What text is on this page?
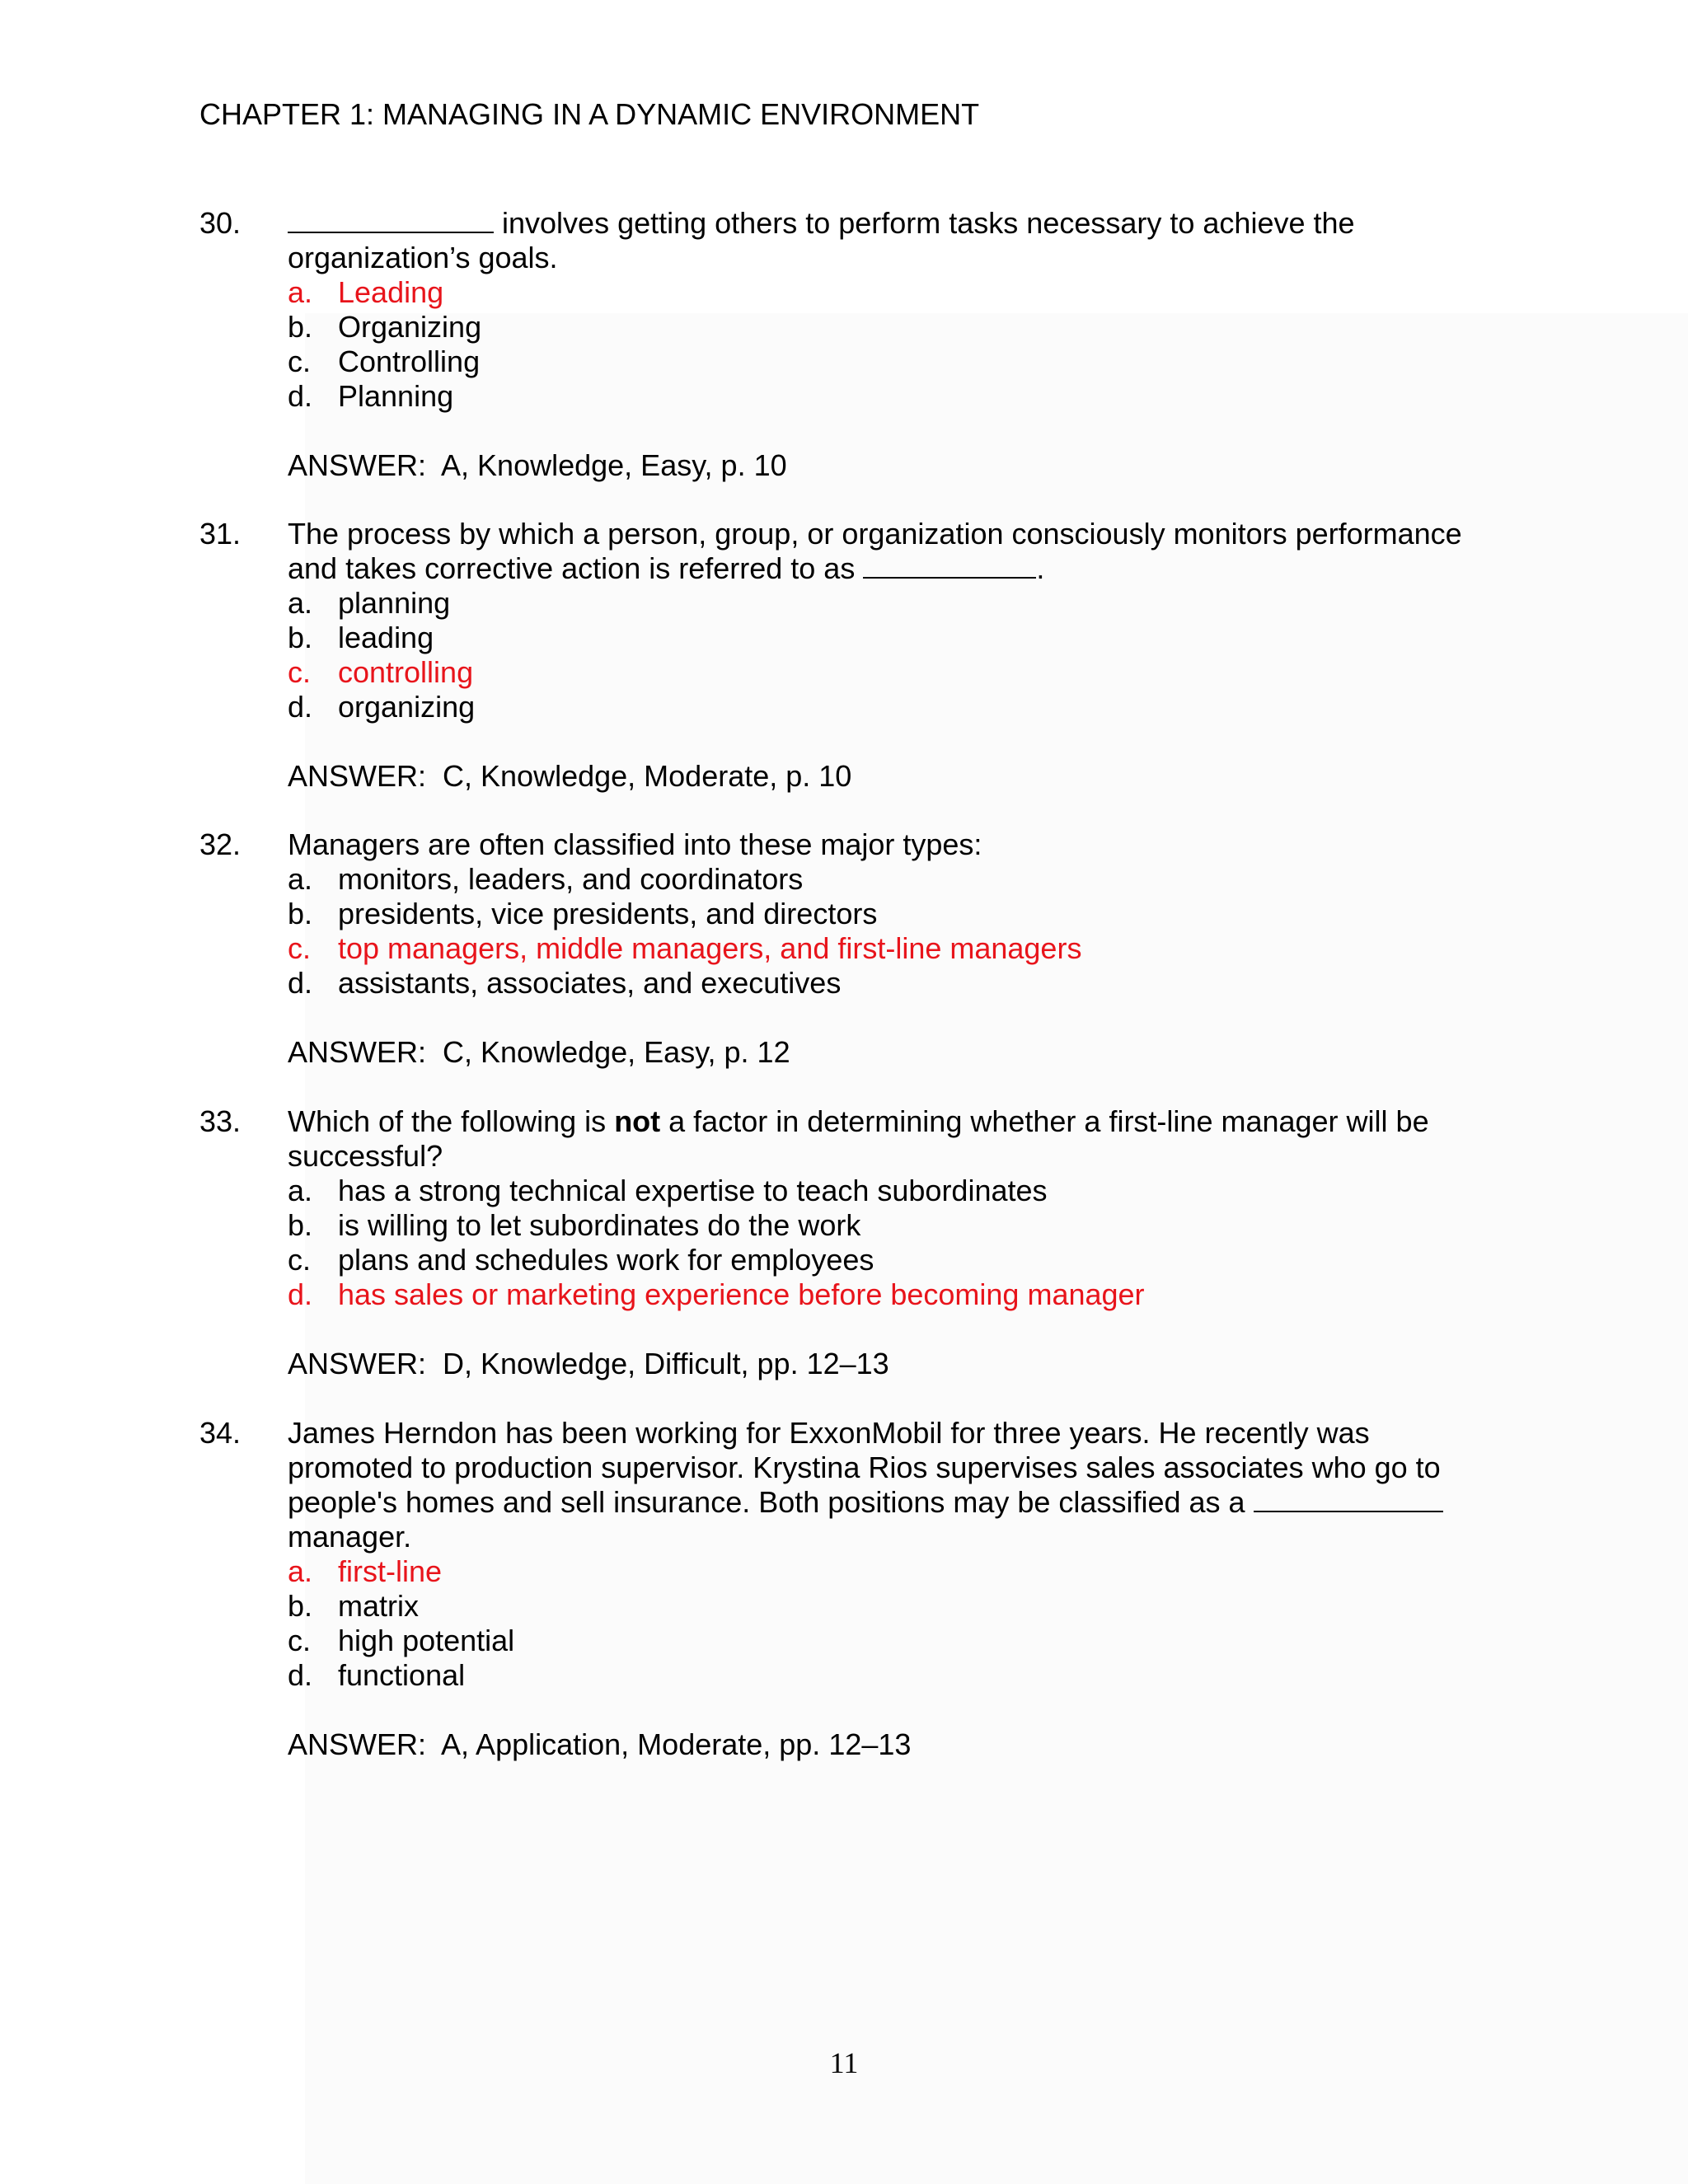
CHAPTER 1: MANAGING IN A DYNAMIC ENVIRONMENT
30.	involves getting others to perform tasks necessary to achieve the organization’s goals.
a. Leading
b. Organizing
c. Controlling
d. Planning
ANSWER:  A, Knowledge, Easy, p. 10
31. The process by which a person, group, or organization consciously monitors performance and takes corrective action is referred to as	.
a. planning
b. leading
c. controlling
d. organizing
ANSWER:  C, Knowledge, Moderate, p. 10
32. Managers are often classified into these major types:
a. monitors, leaders, and coordinators
b. presidents, vice presidents, and directors
c. top managers, middle managers, and first-line managers
d. assistants, associates, and executives
ANSWER:  C, Knowledge, Easy, p. 12
33. Which of the following is not a factor in determining whether a first-line manager will be successful?
a. has a strong technical expertise to teach subordinates
b. is willing to let subordinates do the work
c. plans and schedules work for employees
d. has sales or marketing experience before becoming manager
ANSWER:  D, Knowledge, Difficult, pp. 12–13
34. James Herndon has been working for ExxonMobil for three years. He recently was promoted to production supervisor. Krystina Rios supervises sales associates who go to people's homes and sell insurance. Both positions may be classified as a  manager.
a. first-line
b. matrix
c. high potential
d. functional
ANSWER:  A, Application, Moderate, pp. 12–13
11
